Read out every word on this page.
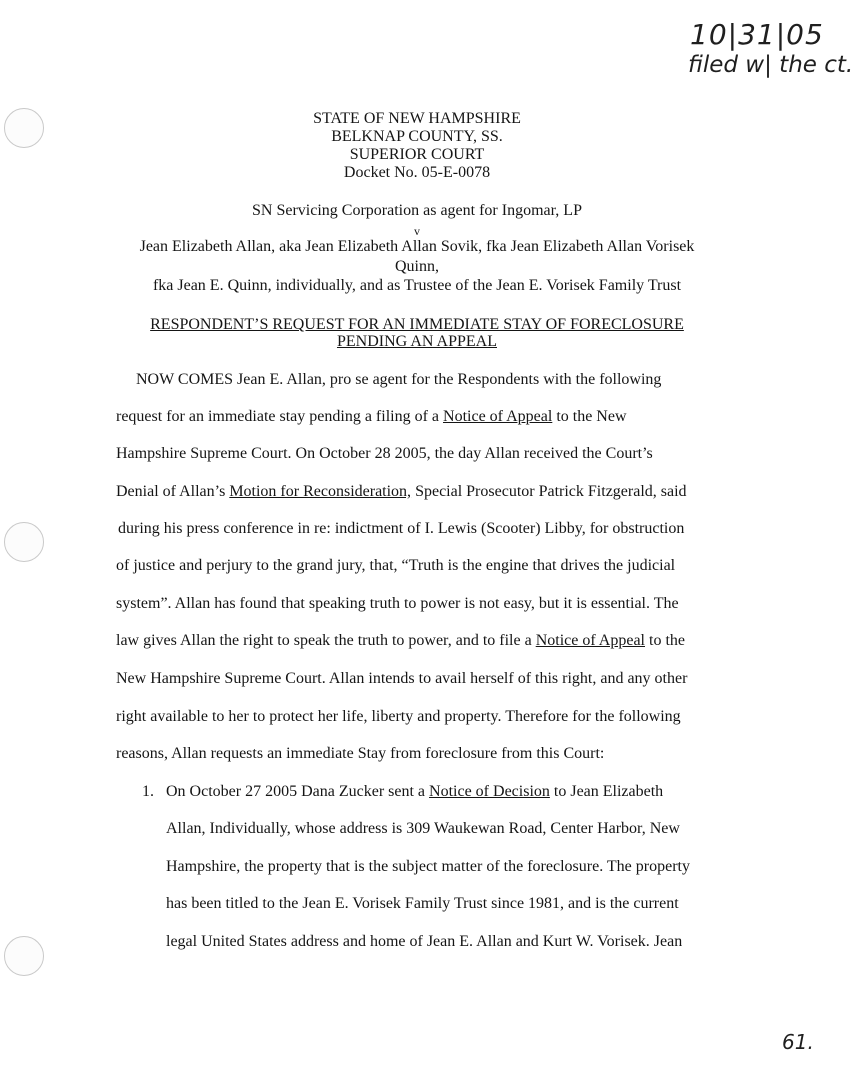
10|31|05
filed w| the ct.
61.
STATE OF NEW HAMPSHIRE
BELKNAP COUNTY, SS.
SUPERIOR COURT
Docket No. 05-E-0078
SN Servicing Corporation as agent for Ingomar, LP
v
Jean Elizabeth Allan, aka Jean Elizabeth Allan Sovik, fka Jean Elizabeth Allan Vorisek
Quinn,
fka Jean E. Quinn, individually, and as Trustee of the Jean E. Vorisek Family Trust
RESPONDENT’S REQUEST FOR AN IMMEDIATE STAY OF FORECLOSURE
PENDING AN APPEAL
NOW COMES Jean E. Allan, pro se agent for the Respondents with the following
request for an immediate stay pending a filing of a Notice of Appeal to the New
Hampshire Supreme Court. On October 28 2005, the day Allan received the Court’s
Denial of Allan’s Motion for Reconsideration, Special Prosecutor Patrick Fitzgerald, said
during his press conference in re: indictment of I. Lewis (Scooter) Libby, for obstruction
of justice and perjury to the grand jury, that, “Truth is the engine that drives the judicial
system”. Allan has found that speaking truth to power is not easy, but it is essential. The
law gives Allan the right to speak the truth to power, and to file a Notice of Appeal to the
New Hampshire Supreme Court. Allan intends to avail herself of this right, and any other
right available to her to protect her life, liberty and property. Therefore for the following
reasons, Allan requests an immediate Stay from foreclosure from this Court:
1. On October 27 2005 Dana Zucker sent a Notice of Decision to Jean Elizabeth
Allan, Individually, whose address is 309 Waukewan Road, Center Harbor, New
Hampshire, the property that is the subject matter of the foreclosure. The property
has been titled to the Jean E. Vorisek Family Trust since 1981, and is the current
legal United States address and home of Jean E. Allan and Kurt W. Vorisek. Jean
